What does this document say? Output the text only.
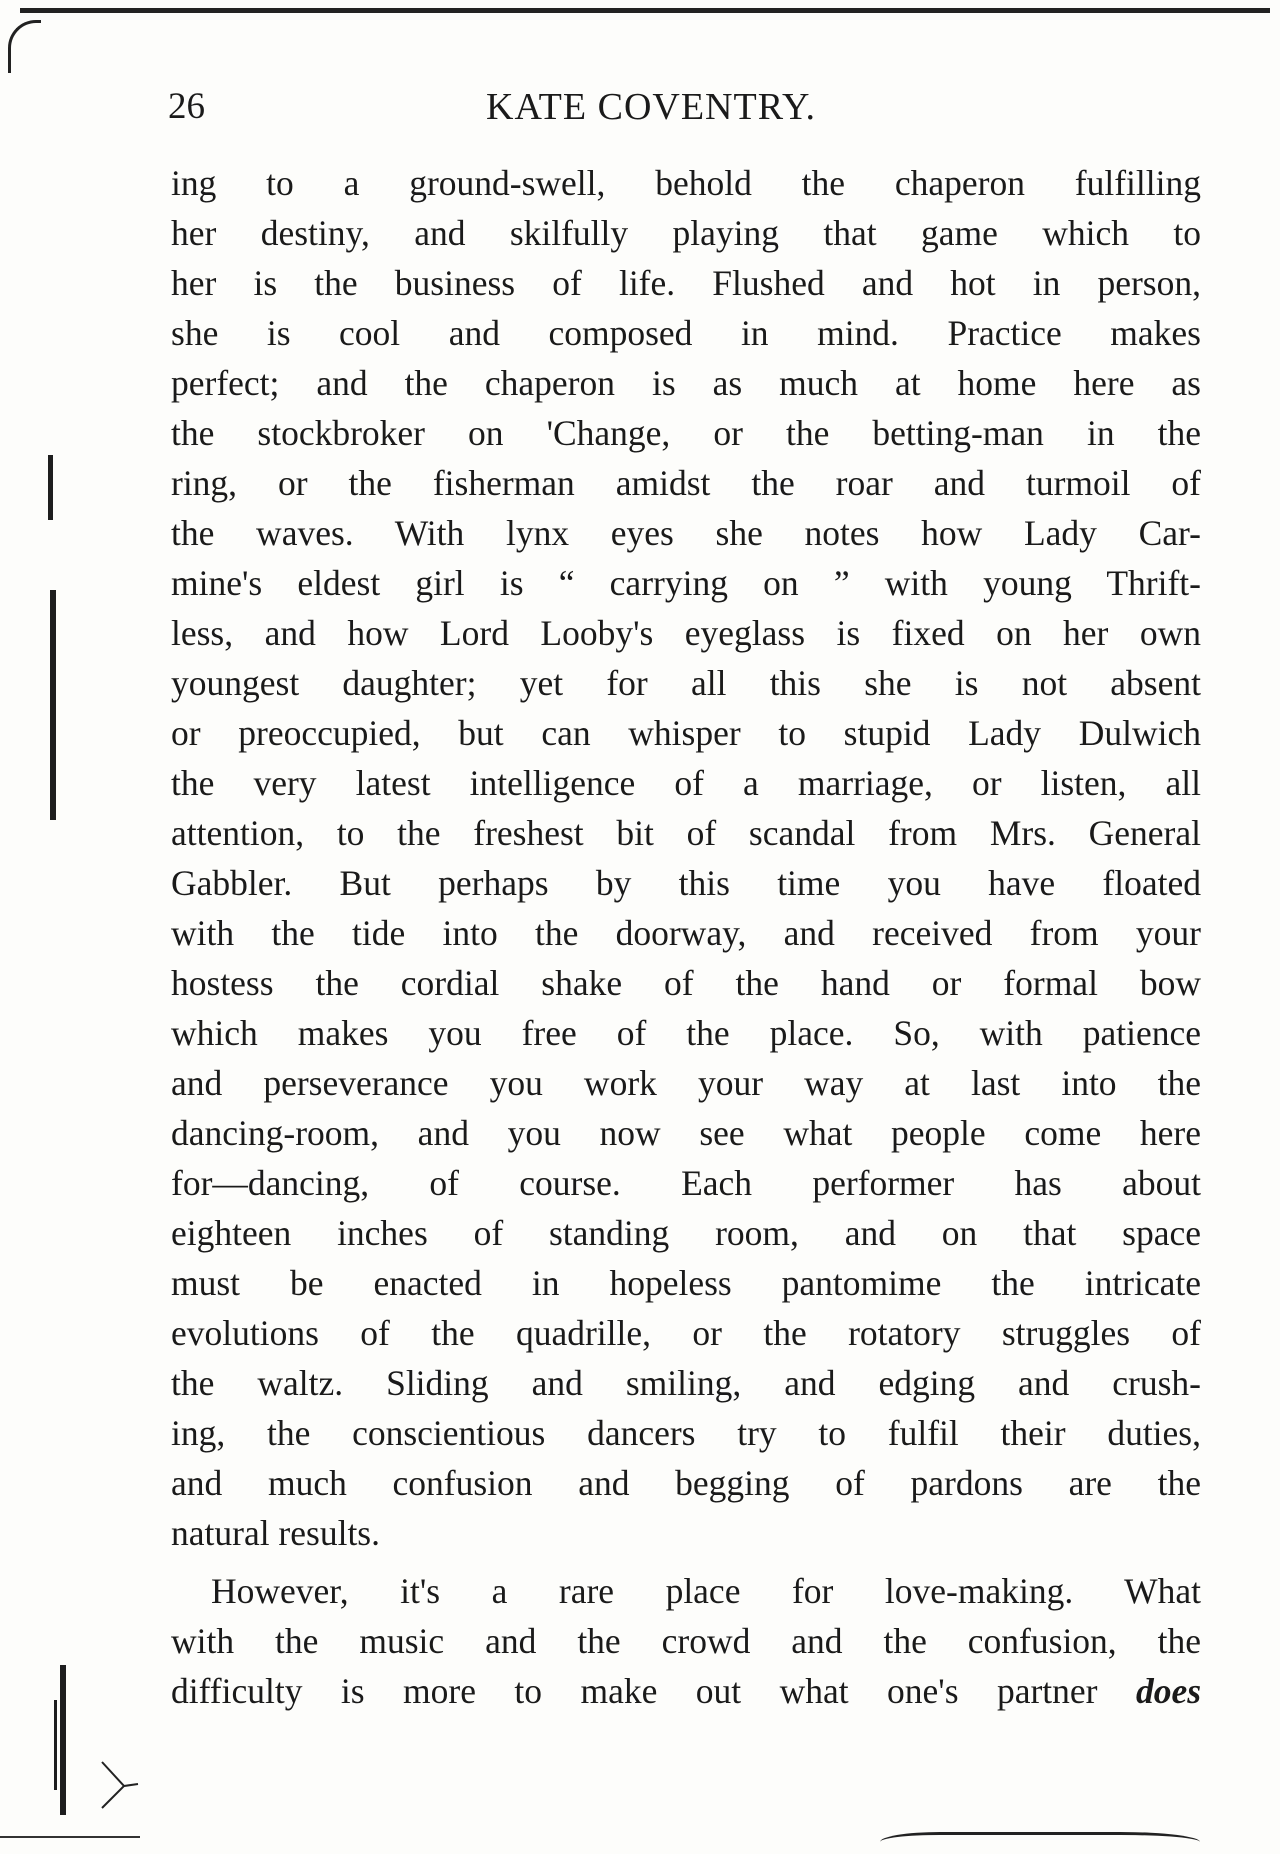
26	KATE COVENTRY.
ing to a ground-swell, behold the chaperon fulfilling
her destiny, and skilfully playing that game which to
her is the business of life. Flushed and hot in person,
she is cool and composed in mind. Practice makes
perfect; and the chaperon is as much at home here as
the stockbroker on 'Change, or the betting-man in the
ring, or the fisherman amidst the roar and turmoil of
the waves. With lynx eyes she notes how Lady Car-
mine's eldest girl is “ carrying on ” with young Thrift-
less, and how Lord Looby's eyeglass is fixed on her own
youngest daughter; yet for all this she is not absent
or preoccupied, but can whisper to stupid Lady Dulwich
the very latest intelligence of a marriage, or listen, all
attention, to the freshest bit of scandal from Mrs. General
Gabbler. But perhaps by this time you have floated
with the tide into the doorway, and received from your
hostess the cordial shake of the hand or formal bow
which makes you free of the place. So, with patience
and perseverance you work your way at last into the
dancing-room, and you now see what people come here
for—dancing, of course. Each performer has about
eighteen inches of standing room, and on that space
must be enacted in hopeless pantomime the intricate
evolutions of the quadrille, or the rotatory struggles of
the waltz. Sliding and smiling, and edging and crush-
ing, the conscientious dancers try to fulfil their duties,
and much confusion and begging of pardons are the
natural results.
However, it's a rare place for love-making. What
with the music and the crowd and the confusion, the
difficulty is more to make out what one's partner does
